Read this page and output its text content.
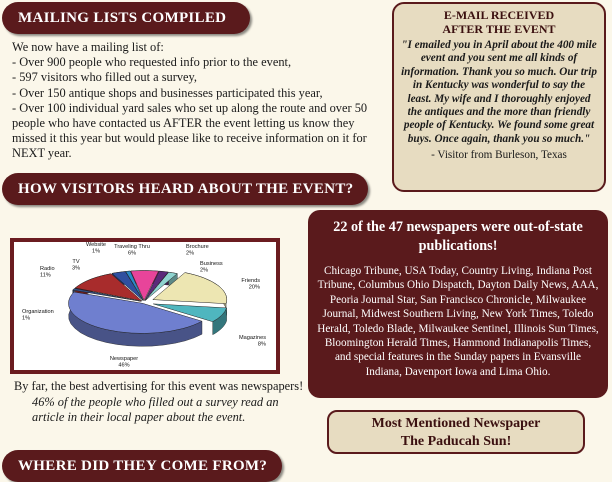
MAILING LISTS COMPILED
We now have a mailing list of:
- Over 900 people who requested info prior to the event,
- 597 visitors who filled out a survey,
- Over 150 antique shops and businesses participated this year,
- Over 100 individual yard sales who set up along the route and over 50 people who have contacted us AFTER the event letting us know they missed it this year but would please like to receive information on it for NEXT year.
E-MAIL RECEIVED
AFTER THE EVENT
"I emailed you in April about the 400 mile event and you sent me all kinds of information. Thank you so much. Our trip in Kentucky was wonderful to say the least. My wife and I thoroughly enjoyed the antiques and the more than friendly people of Kentucky. We found some great buys. Once again, thank you so much."
- Visitor from Burleson, Texas
HOW VISITORS HEARD ABOUT THE EVENT?
Newspaper 46%
Magazines 8%
Friends 20%
Business 2%
Brochure 2%
Traveling Thru 6%
Website 1%
TV 3%
Radio 11%
Organization 1%
By far, the best advertising for this event was newspapers!
46% of the people who filled out a survey read an article in their local paper about the event.
WHERE DID THEY COME FROM?
22 of the 47 newspapers were out-of-state publications!
Chicago Tribune, USA Today, Country Living, Indiana Post Tribune, Columbus Ohio Dispatch, Dayton Daily News, AAA, Peoria Journal Star, San Francisco Chronicle, Milwaukee Journal, Midwest Southern Living, New York Times, Toledo Herald, Toledo Blade, Milwaukee Sentinel, Illinois Sun Times, Bloomington Herald Times, Hammond Indianapolis Times, and special features in the Sunday papers in Evansville Indiana, Davenport Iowa and Lima Ohio.
Most Mentioned Newspaper
The Paducah Sun!
